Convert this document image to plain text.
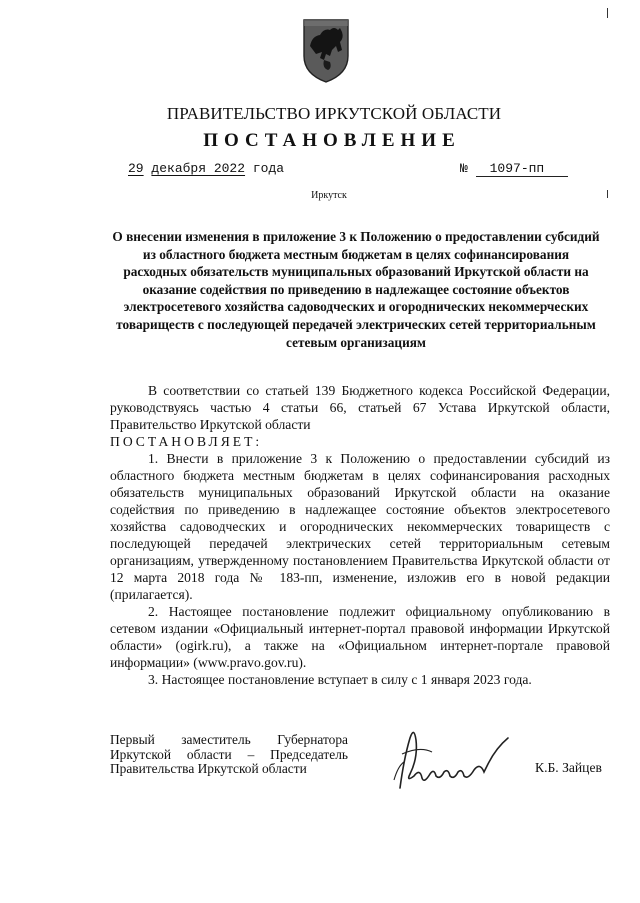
ПРАВИТЕЛЬСТВО ИРКУТСКОЙ ОБЛАСТИ
ПОСТАНОВЛЕНИЕ
29 декабря 2022 года	№ 1097-пп
Иркутск
О внесении изменения в приложение 3 к Положению о предоставлении субсидий из областного бюджета местным бюджетам в целях софинансирования расходных обязательств муниципальных образований Иркутской области на оказание содействия по приведению в надлежащее состояние объектов электросетевого хозяйства садоводческих и огороднических некоммерческих товариществ с последующей передачей электрических сетей территориальным сетевым организациям

В соответствии со статьей 139 Бюджетного кодекса Российской Федерации, руководствуясь частью 4 статьи 66, статьей 67 Устава Иркутской области, Правительство Иркутской области

ПОСТАНОВЛЯЕТ:

1. Внести в приложение 3 к Положению о предоставлении субсидий из областного бюджета местным бюджетам в целях софинансирования расходных обязательств муниципальных образований Иркутской области на оказание содействия по приведению в надлежащее состояние объектов электросетевого хозяйства садоводческих и огороднических некоммерческих товариществ с последующей передачей электрических сетей территориальным сетевым организациям, утвержденному постановлением Правительства Иркутской области от 12 марта 2018 года № 183-пп, изменение, изложив его в новой редакции (прилагается).

2. Настоящее постановление подлежит официальному опубликованию в сетевом издании «Официальный интернет-портал правовой информации Иркутской области» (ogirk.ru), а также на «Официальном интернет-портале правовой информации» (www.pravo.gov.ru).

3. Настоящее постановление вступает в силу с 1 января 2023 года.

Первый заместитель Губернатора
Иркутской области – Председатель
Правительства Иркутской области	К.Б. Зайцев
